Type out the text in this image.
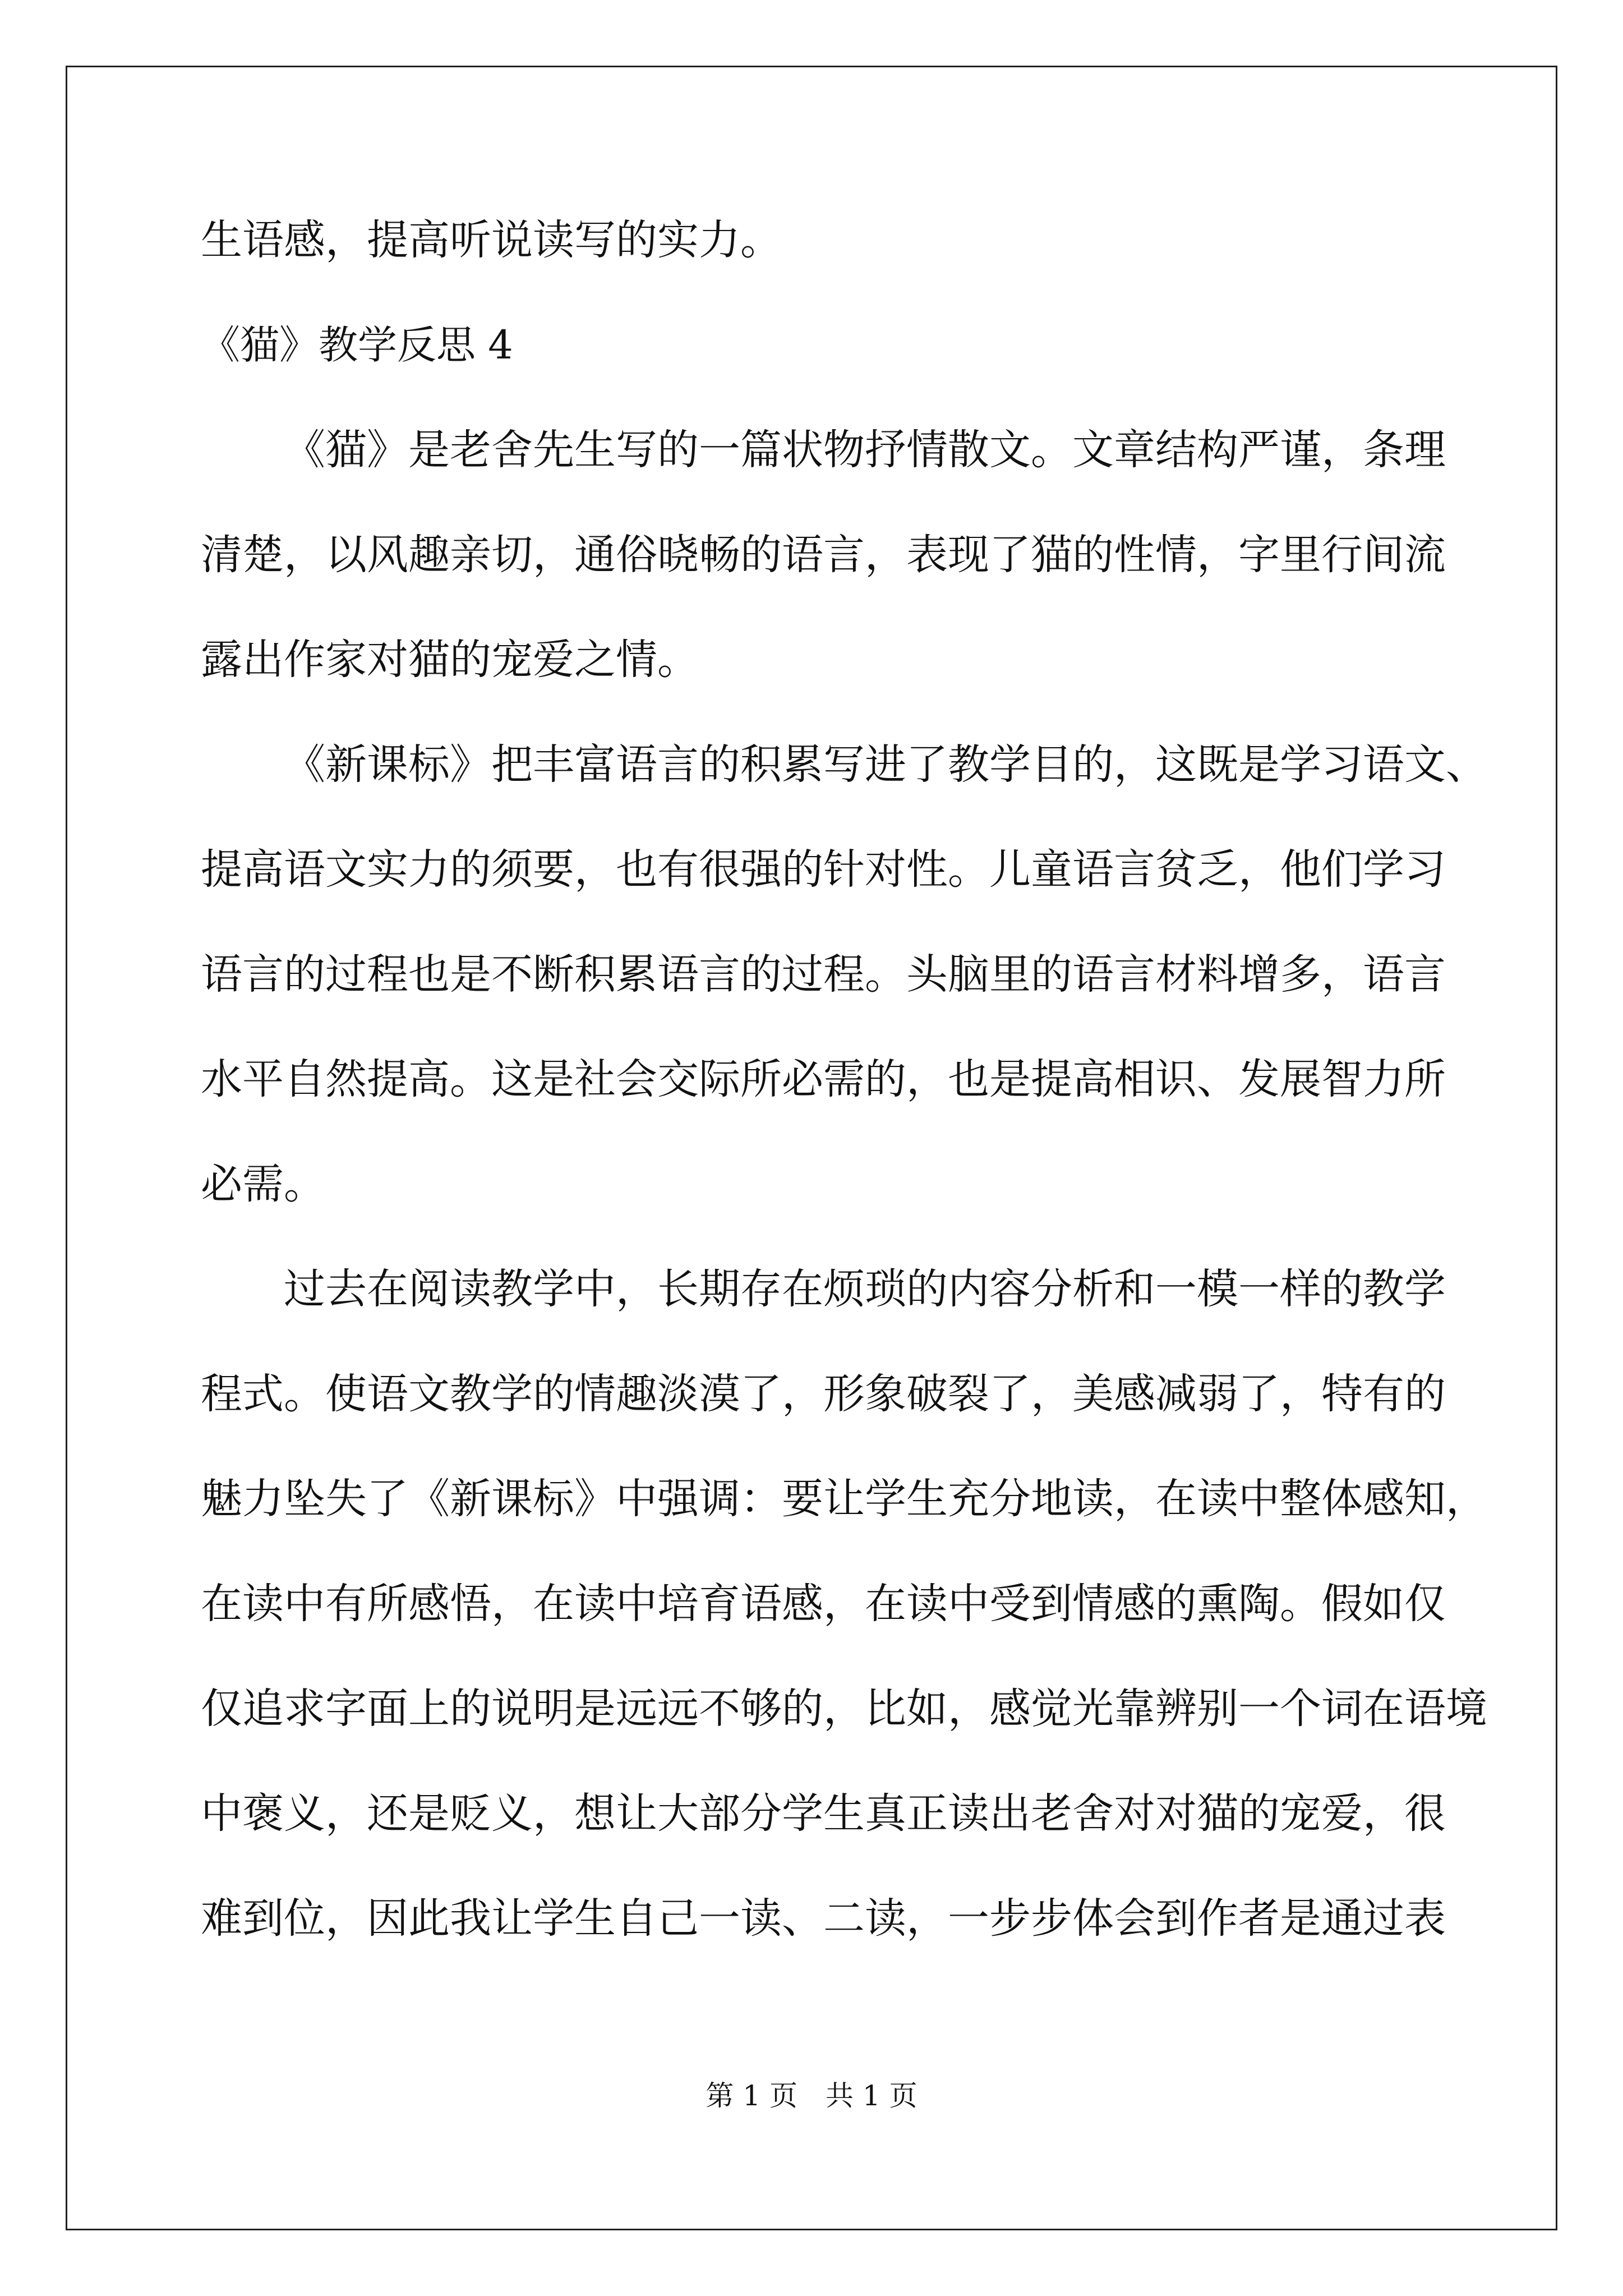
生语感，提高听说读写的实力。

《猫》教学反思 4

《猫》是老舍先生写的一篇状物抒情散文。文章结构严谨，条理

清楚，以风趣亲切，通俗晓畅的语言，表现了猫的性情，字里行间流

露出作家对猫的宠爱之情。

《新课标》把丰富语言的积累写进了教学目的，这既是学习语文、

提高语文实力的须要，也有很强的针对性。儿童语言贫乏，他们学习

语言的过程也是不断积累语言的过程。头脑里的语言材料增多，语言

水平自然提高。这是社会交际所必需的，也是提高相识、发展智力所

必需。

过去在阅读教学中，长期存在烦琐的内容分析和一模一样的教学

程式。使语文教学的情趣淡漠了，形象破裂了，美感减弱了，特有的

魅力坠失了《新课标》中强调：要让学生充分地读，在读中整体感知，

在读中有所感悟，在读中培育语感，在读中受到情感的熏陶。假如仅

仅追求字面上的说明是远远不够的，比如，感觉光靠辨别一个词在语境

中褒义，还是贬义，想让大部分学生真正读出老舍对对猫的宠爱，很

难到位，因此我让学生自己一读、二读，一步步体会到作者是通过表

第 1 页　共 1 页
